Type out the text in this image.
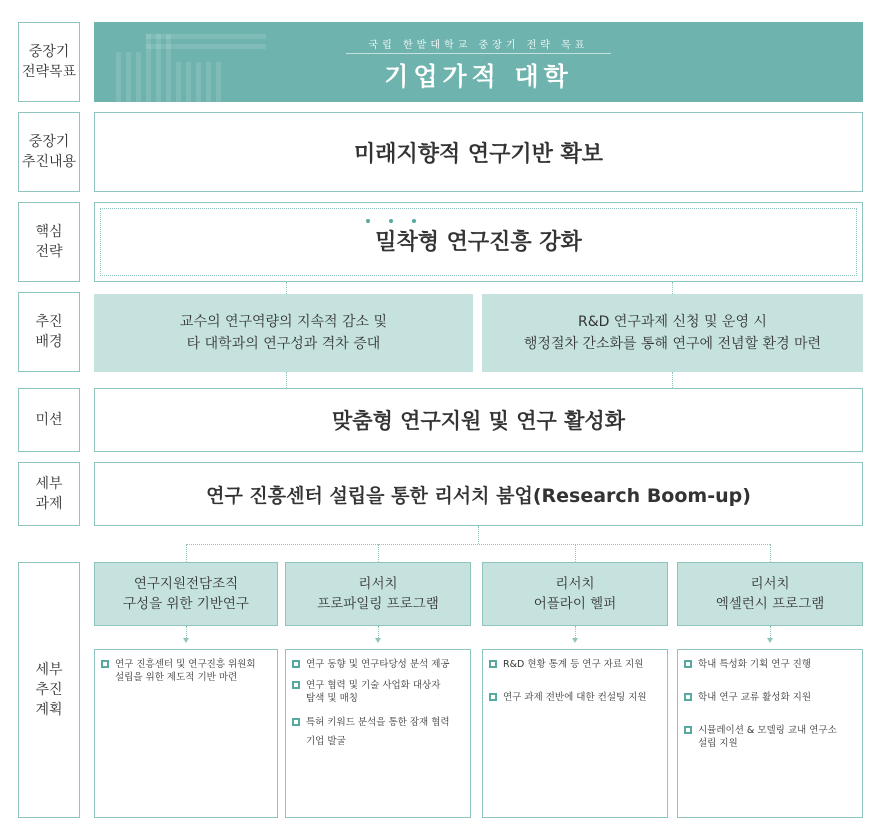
중장기
전략목표
중장기
추진내용
핵심
전략
추진
배경
미션
세부
과제
세부
추진
계획
국립 한밭대학교 중장기 전략 목표
기업가적 대학
미래지향적 연구기반 확보
밀착형 연구진흥 강화
교수의 연구역량의 지속적 감소 및
타 대학과의 연구성과 격차 증대
R&D 연구과제 신청 및 운영 시
행정절차 간소화를 통해 연구에 전념할 환경 마련
맞춤형 연구지원 및 연구 활성화
연구 진흥센터 설립을 통한 리서치 붐업(Research Boom-up)
연구지원전담조직
구성을 위한 기반연구
리서치
프로파일링 프로그램
리서치
어플라이 헬퍼
리서치
엑셀런시 프로그램
연구 진흥센터 및 연구진흥 위원회
설립을 위한 제도적 기반 마련
연구 동향 및 연구타당성 분석 제공
연구 협력 및 기술 사업화 대상자
탐색 및 매칭
특허 키워드 분석을 통한 잠재 협력
기업 발굴
R&D 현황 통계 등 연구 자료 지원
연구 과제 전반에 대한 컨설팅 지원
학내 특성화 기획 연구 진행
학내 연구 교류 활성화 지원
시뮬레이션 & 모델링 교내 연구소
설립 지원
